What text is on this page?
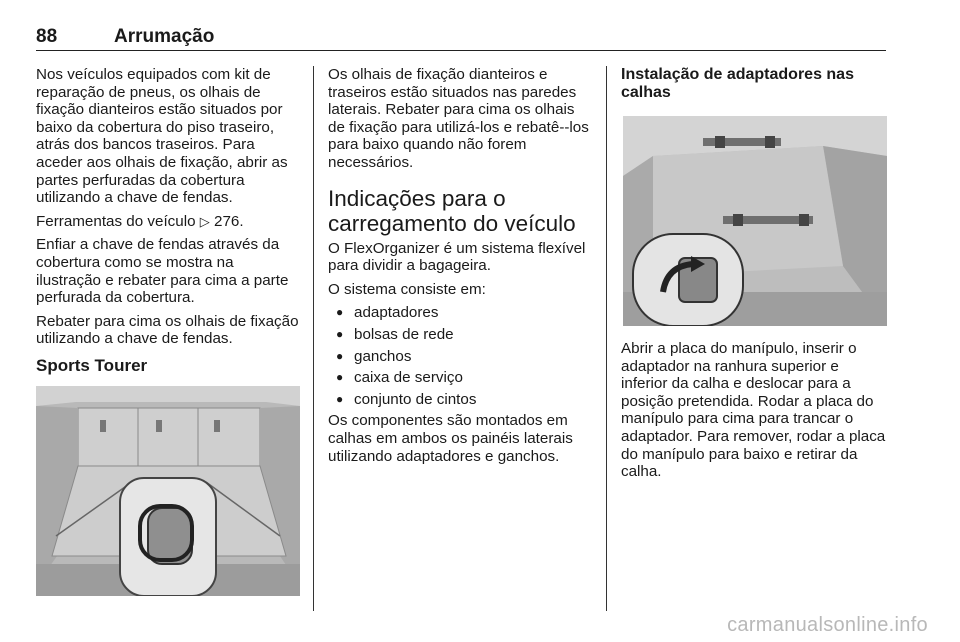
88	Arrumação

Nos veículos equipados com kit de reparação de pneus, os olhais de fixação dianteiros estão situados por baixo da cobertura do piso traseiro, atrás dos bancos traseiros. Para aceder aos olhais de fixação, abrir as partes perfuradas da cobertura utilizando a chave de fendas.

Ferramentas do veículo ▷ 276.

Enfiar a chave de fendas através da cobertura como se mostra na ilustração e rebater para cima a parte perfurada da cobertura.

Rebater para cima os olhais de fixação utilizando a chave de fendas.

Sports Tourer

Os olhais de fixação dianteiros e traseiros estão situados nas paredes laterais. Rebater para cima os olhais de fixação para utilizá-los e rebatê--los para baixo quando não forem necessários.

Indicações para o carregamento do veículo

O FlexOrganizer é um sistema flexível para dividir a bagageira.

O sistema consiste em:

● adaptadores
● bolsas de rede
● ganchos
● caixa de serviço
● conjunto de cintos

Os componentes são montados em calhas em ambos os painéis laterais utilizando adaptadores e ganchos.

Instalação de adaptadores nas calhas

Abrir a placa do manípulo, inserir o adaptador na ranhura superior e inferior da calha e deslocar para a posição pretendida. Rodar a placa do manípulo para cima para trancar o adaptador. Para remover, rodar a placa do manípulo para baixo e retirar da calha.

carmanualsonline.info
